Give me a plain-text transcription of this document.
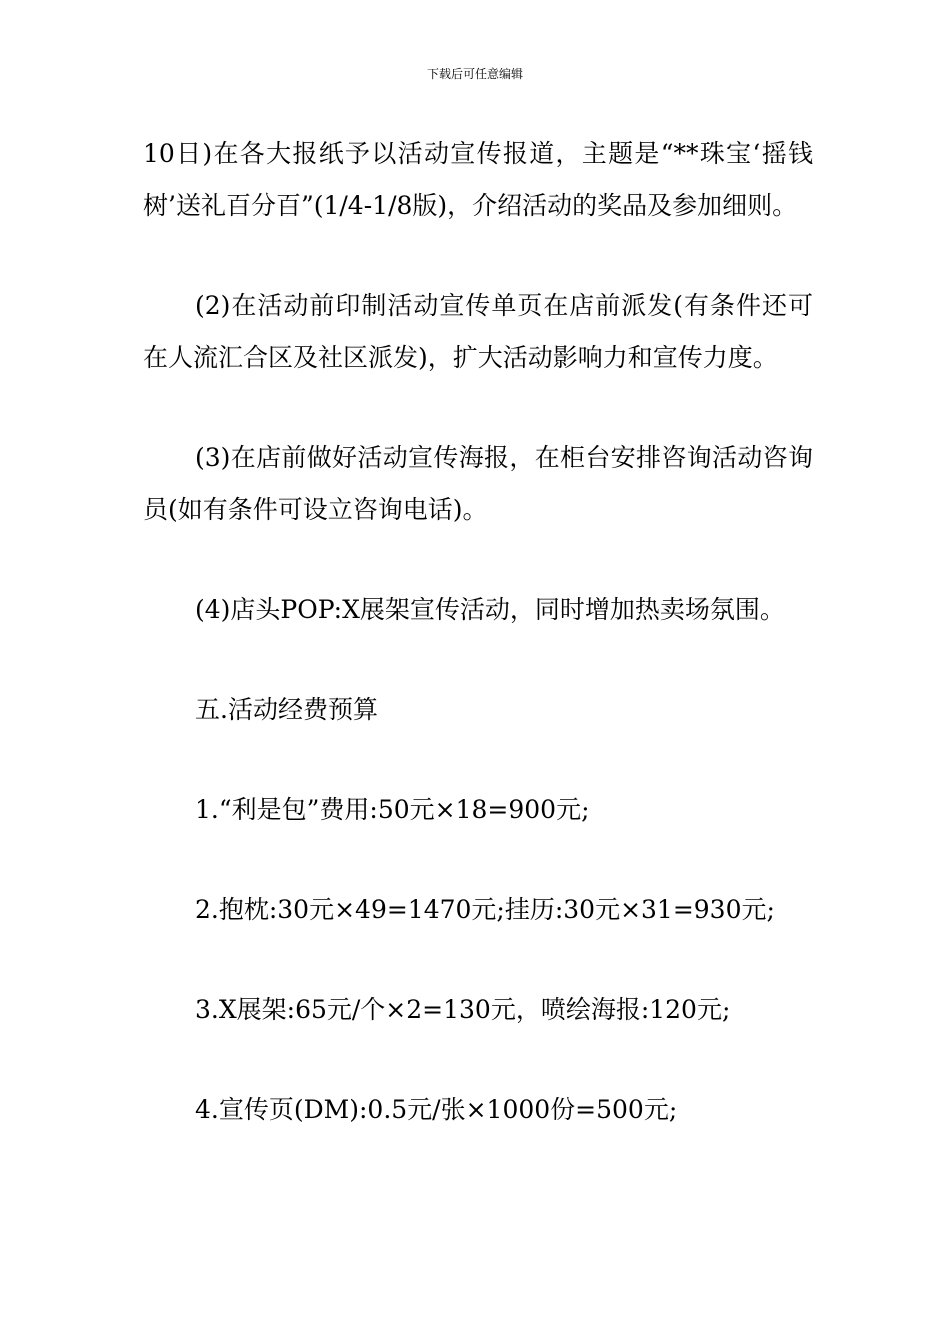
下载后可任意编辑

10日)在各大报纸予以活动宣传报道，主题是“**珠宝‘摇钱树’送礼百分百”(1/4-1/8版)，介绍活动的奖品及参加细则。

(2)在活动前印制活动宣传单页在店前派发(有条件还可在人流汇合区及社区派发)，扩大活动影响力和宣传力度。

(3)在店前做好活动宣传海报，在柜台安排咨询活动咨询员(如有条件可设立咨询电话)。

(4)店头POP:X展架宣传活动，同时增加热卖场氛围。

五.活动经费预算

1.“利是包”费用:50元×18=900元;

2.抱枕:30元×49=1470元;挂历:30元×31=930元;

3.X展架:65元/个×2=130元，喷绘海报:120元;

4.宣传页(DM):0.5元/张×1000份=500元;
